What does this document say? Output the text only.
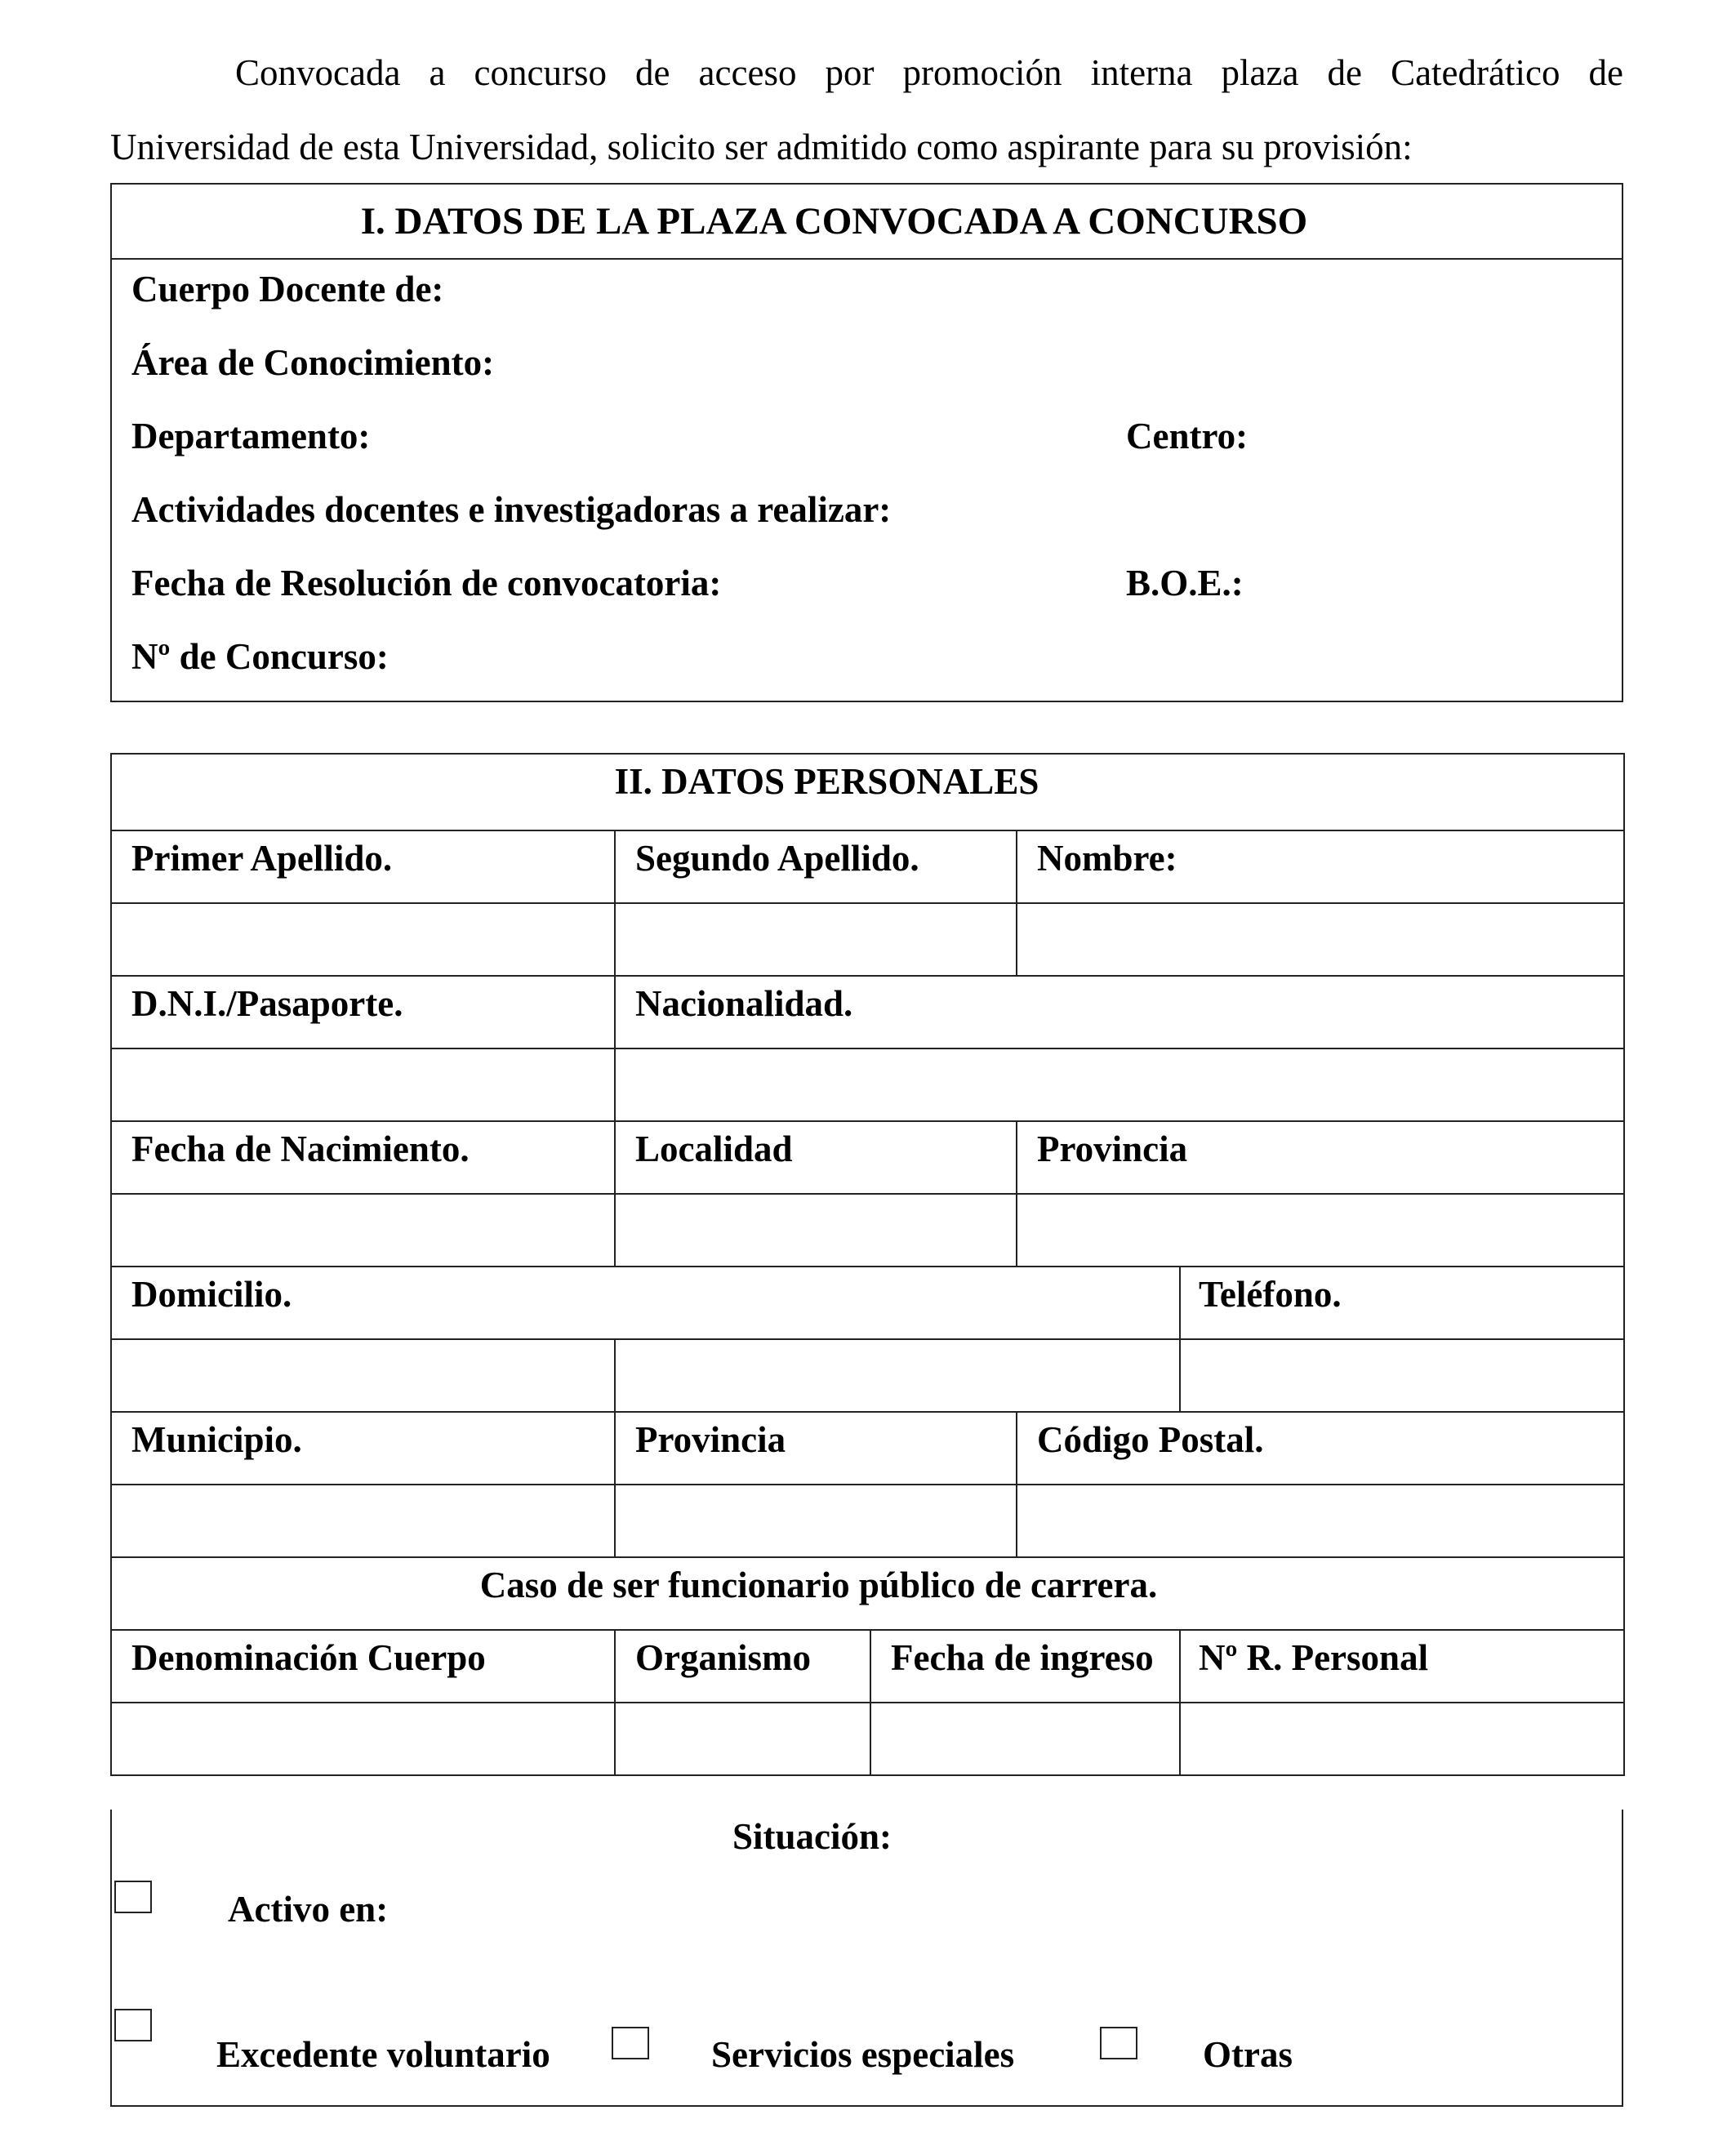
Convocada a concurso de acceso por promoción interna plaza de Catedrático de

Universidad de esta Universidad, solicito ser admitido como aspirante para su provisión:

I. DATOS DE LA PLAZA CONVOCADA A CONCURSO
Cuerpo Docente de:
Área de Conocimiento:
Departamento:	Centro:
Actividades docentes e investigadoras a realizar:
Fecha de Resolución de convocatoria:	B.O.E.:
Nº de Concurso:
II. DATOS PERSONALES				
Primer Apellido.	Segundo Apellido.		Nombre:	

D.N.I./Pasaporte.	Nacionalidad.			

Fecha de Nacimiento.	Localidad		Provincia	

Domicilio.				Teléfono.

Municipio.	Provincia		Código Postal.	

Caso de ser funcionario público de carrera.				
Denominación Cuerpo	Organismo	Fecha de ingreso		Nº R. Personal

Situación:
Activo en:
Excedente voluntario	Servicios especiales	Otras
